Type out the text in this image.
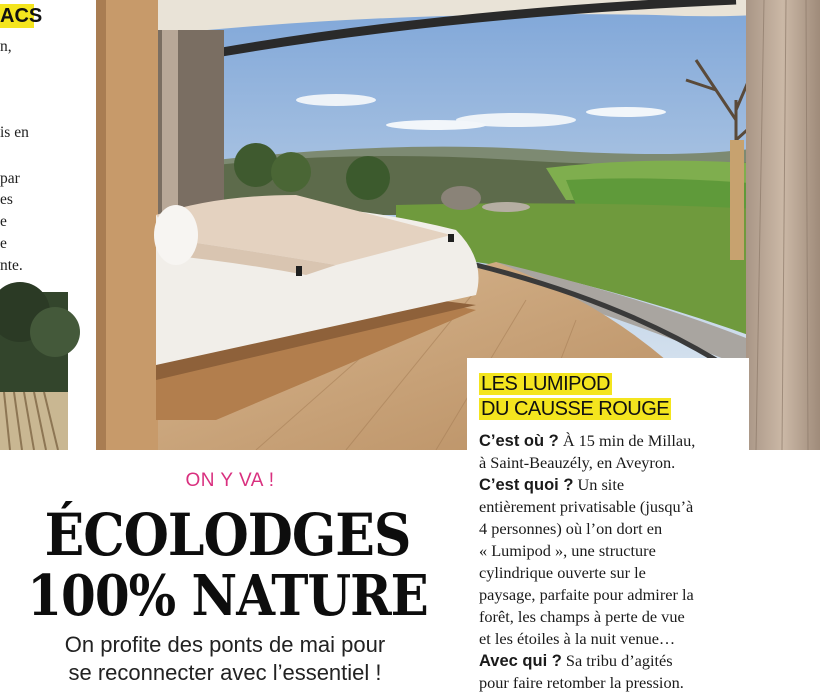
ACS
n,
is en
par
es
e
e
nte.
ON Y VA !
ÉCOLODGES
100% NATURE
On profite des ponts de mai pour
se reconnecter avec l’essentiel !
LES LUMIPOD
DU CAUSSE ROUGE
C’est où ? À 15 min de Millau,
à Saint-Beauzély, en Aveyron.
C’est quoi ? Un site
entièrement privatisable (jusqu’à
4 personnes) où l’on dort en
« Lumipod », une structure
cylindrique ouverte sur le
paysage, parfaite pour admirer la
forêt, les champs à perte de vue
et les étoiles à la nuit venue…
Avec qui ? Sa tribu d’agités
pour faire retomber la pression.
